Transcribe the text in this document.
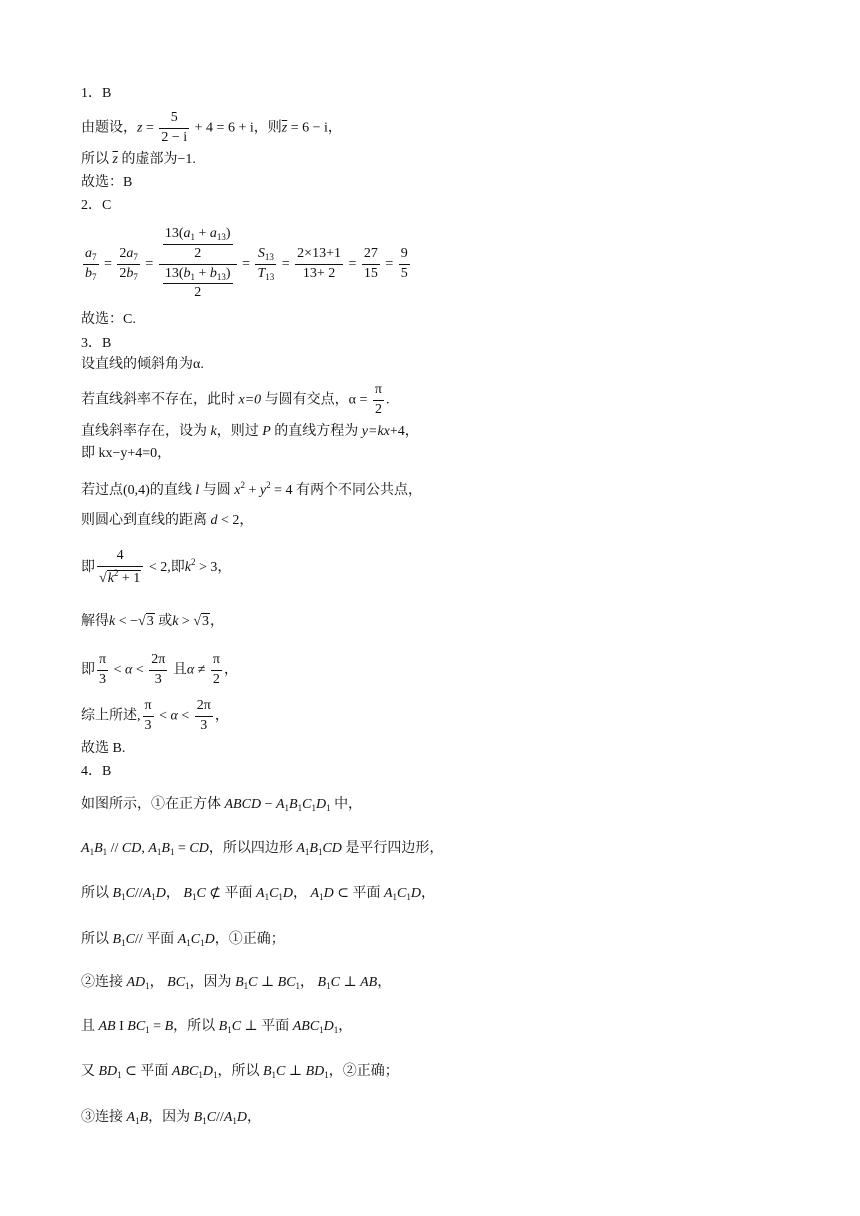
1．B
由题设，$z = \frac{5}{2 - i} + 4 = 6 + i$，则$\overline{z} = 6 - i$，
所以 $\overline{z}$ 的虚部为−1.
故选：B
2．C
$\frac{a_7}{b_7} = \frac{2a_7}{2b_7} = \frac{\frac{13(a_1 + a_{13})}{2}}{\frac{13(b_1 + b_{13})}{2}} = \frac{S_{13}}{T_{13}} = \frac{2\times 13+1}{13+ 2} = \frac{27}{15} = \frac{9}{5}$
故选：C.
3．B
设直线的倾斜角为α.
若直线斜率不存在，此时 x=0 与圆有交点，$\alpha = \frac{\pi}{2}$ .
直线斜率存在，设为 k，则过 P 的直线方程为 y=kx+4，
即 kx−y+4=0，
若过点(0,4)的直线 l 与圆 $x^2 + y^2 = 4$ 有两个不同公共点，
则圆心到直线的距离 d < 2，
即 $\frac{4}{√k^2 + 1} < 2$,即$k^2 > 3$，
解得k < −√3 或k > √3，
即 $\frac{\pi}{3} < \alpha < \frac{2\pi}{3}$ 且$\alpha \ne \frac{\pi}{2}$ ，
综上所述, $\frac{\pi}{3} < \alpha < \frac{2\pi}{3}$ ，
故选 B.
4．B
如图所示，①在正方体 ABCD − $A_1B_1C_1D_1$ 中，
$A_1B_1$ // CD, $A_1B_1$ = CD，所以四边形 $A_1B_1CD$ 是平行四边形，
所以 $B_1C//A_1D$， $B_1C$ ⊄ 平面 $A_1C_1D$， $A_1D$ ⊂ 平面 $A_1C_1D$，
所以 $B_1C//$ 平面 $A_1C_1D$，①正确；
②连接 $AD_1$， $BC_1$，因为 $B_1C$ ⊥ $BC_1$， $B_1C$ ⊥ AB，
且 AB I $BC_1 = B$，所以 $B_1C$ ⊥ 平面 $ABC_1D_1$，
又 $BD_1$ ⊂ 平面 $ABC_1D_1$，所以 $B_1C$ ⊥ $BD_1$，②正确；
③连接 $A_1B$，因为 $B_1C//A_1D$，
